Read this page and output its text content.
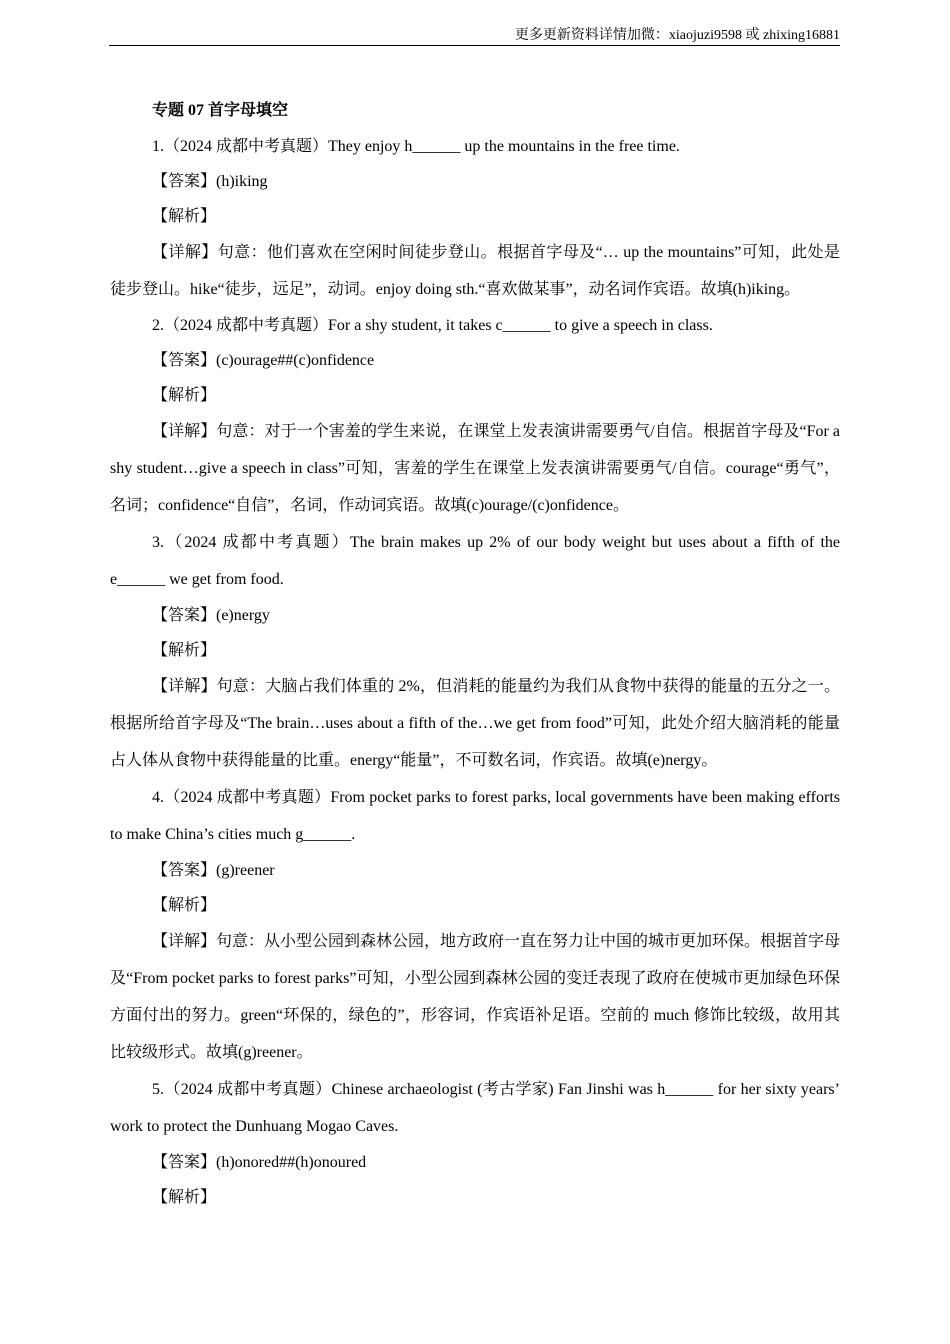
更多更新资料详情加微：xiaojuzi9598 或 zhixing16881
专题 07 首字母填空
1.（2024 成都中考真题）They enjoy h______ up the mountains in the free time.
【答案】(h)iking
【解析】

【详解】句意：他们喜欢在空闲时间徒步登山。根据首字母及“… up the mountains”可知，此处是徒步登山。hike“徒步，远足”，动词。enjoy doing sth.“喜欢做某事”，动名词作宾语。故填(h)iking。

2.（2024 成都中考真题）For a shy student, it takes c______ to give a speech in class.
【答案】(c)ourage##(c)onfidence
【解析】

【详解】句意：对于一个害羞的学生来说，在课堂上发表演讲需要勇气/自信。根据首字母及“For a shy student…give a speech in class”可知，害羞的学生在课堂上发表演讲需要勇气/自信。courage“勇气”，名词；confidence“自信”，名词，作动词宾语。故填(c)ourage/(c)onfidence。

3.（2024 成都中考真题）The brain makes up 2% of our body weight but uses about a fifth of the e______ we get from food.

【答案】(e)nergy
【解析】

【详解】句意：大脑占我们体重的 2%，但消耗的能量约为我们从食物中获得的能量的五分之一。根据所给首字母及“The brain…uses about a fifth of the…we get from food”可知，此处介绍大脑消耗的能量占人体从食物中获得能量的比重。energy“能量”，不可数名词，作宾语。故填(e)nergy。

4.（2024 成都中考真题）From pocket parks to forest parks, local governments have been making efforts to make China’s cities much g______.

【答案】(g)reener
【解析】

【详解】句意：从小型公园到森林公园，地方政府一直在努力让中国的城市更加环保。根据首字母及“From pocket parks to forest parks”可知，小型公园到森林公园的变迁表现了政府在使城市更加绿色环保方面付出的努力。green“环保的，绿色的”，形容词，作宾语补足语。空前的 much 修饰比较级，故用其比较级形式。故填(g)reener。

5.（2024 成都中考真题）Chinese archaeologist (考古学家) Fan Jinshi was h______ for her sixty years’ work to protect the Dunhuang Mogao Caves.

【答案】(h)onored##(h)onoured
【解析】
